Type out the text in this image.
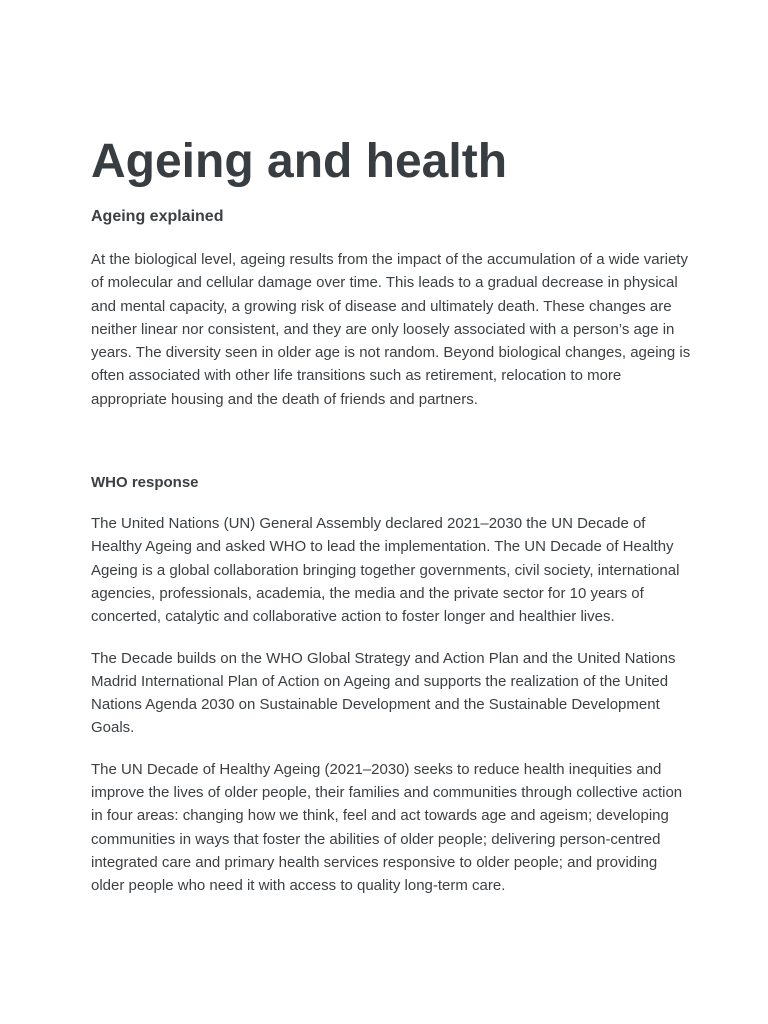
Ageing and health
Ageing explained

At the biological level, ageing results from the impact of the accumulation of a wide variety of molecular and cellular damage over time. This leads to a gradual decrease in physical and mental capacity, a growing risk of disease and ultimately death. These changes are neither linear nor consistent, and they are only loosely associated with a person’s age in years. The diversity seen in older age is not random. Beyond biological changes, ageing is often associated with other life transitions such as retirement, relocation to more appropriate housing and the death of friends and partners.

WHO response

The United Nations (UN) General Assembly declared 2021–2030 the UN Decade of Healthy Ageing and asked WHO to lead the implementation. The UN Decade of Healthy Ageing is a global collaboration bringing together governments, civil society, international agencies, professionals, academia, the media and the private sector for 10 years of concerted, catalytic and collaborative action to foster longer and healthier lives.

The Decade builds on the WHO Global Strategy and Action Plan and the United Nations Madrid International Plan of Action on Ageing and supports the realization of the United Nations Agenda 2030 on Sustainable Development and the Sustainable Development Goals.

The UN Decade of Healthy Ageing (2021–2030) seeks to reduce health inequities and improve the lives of older people, their families and communities through collective action in four areas: changing how we think, feel and act towards age and ageism; developing communities in ways that foster the abilities of older people; delivering person-centred integrated care and primary health services responsive to older people; and providing older people who need it with access to quality long-term care.
